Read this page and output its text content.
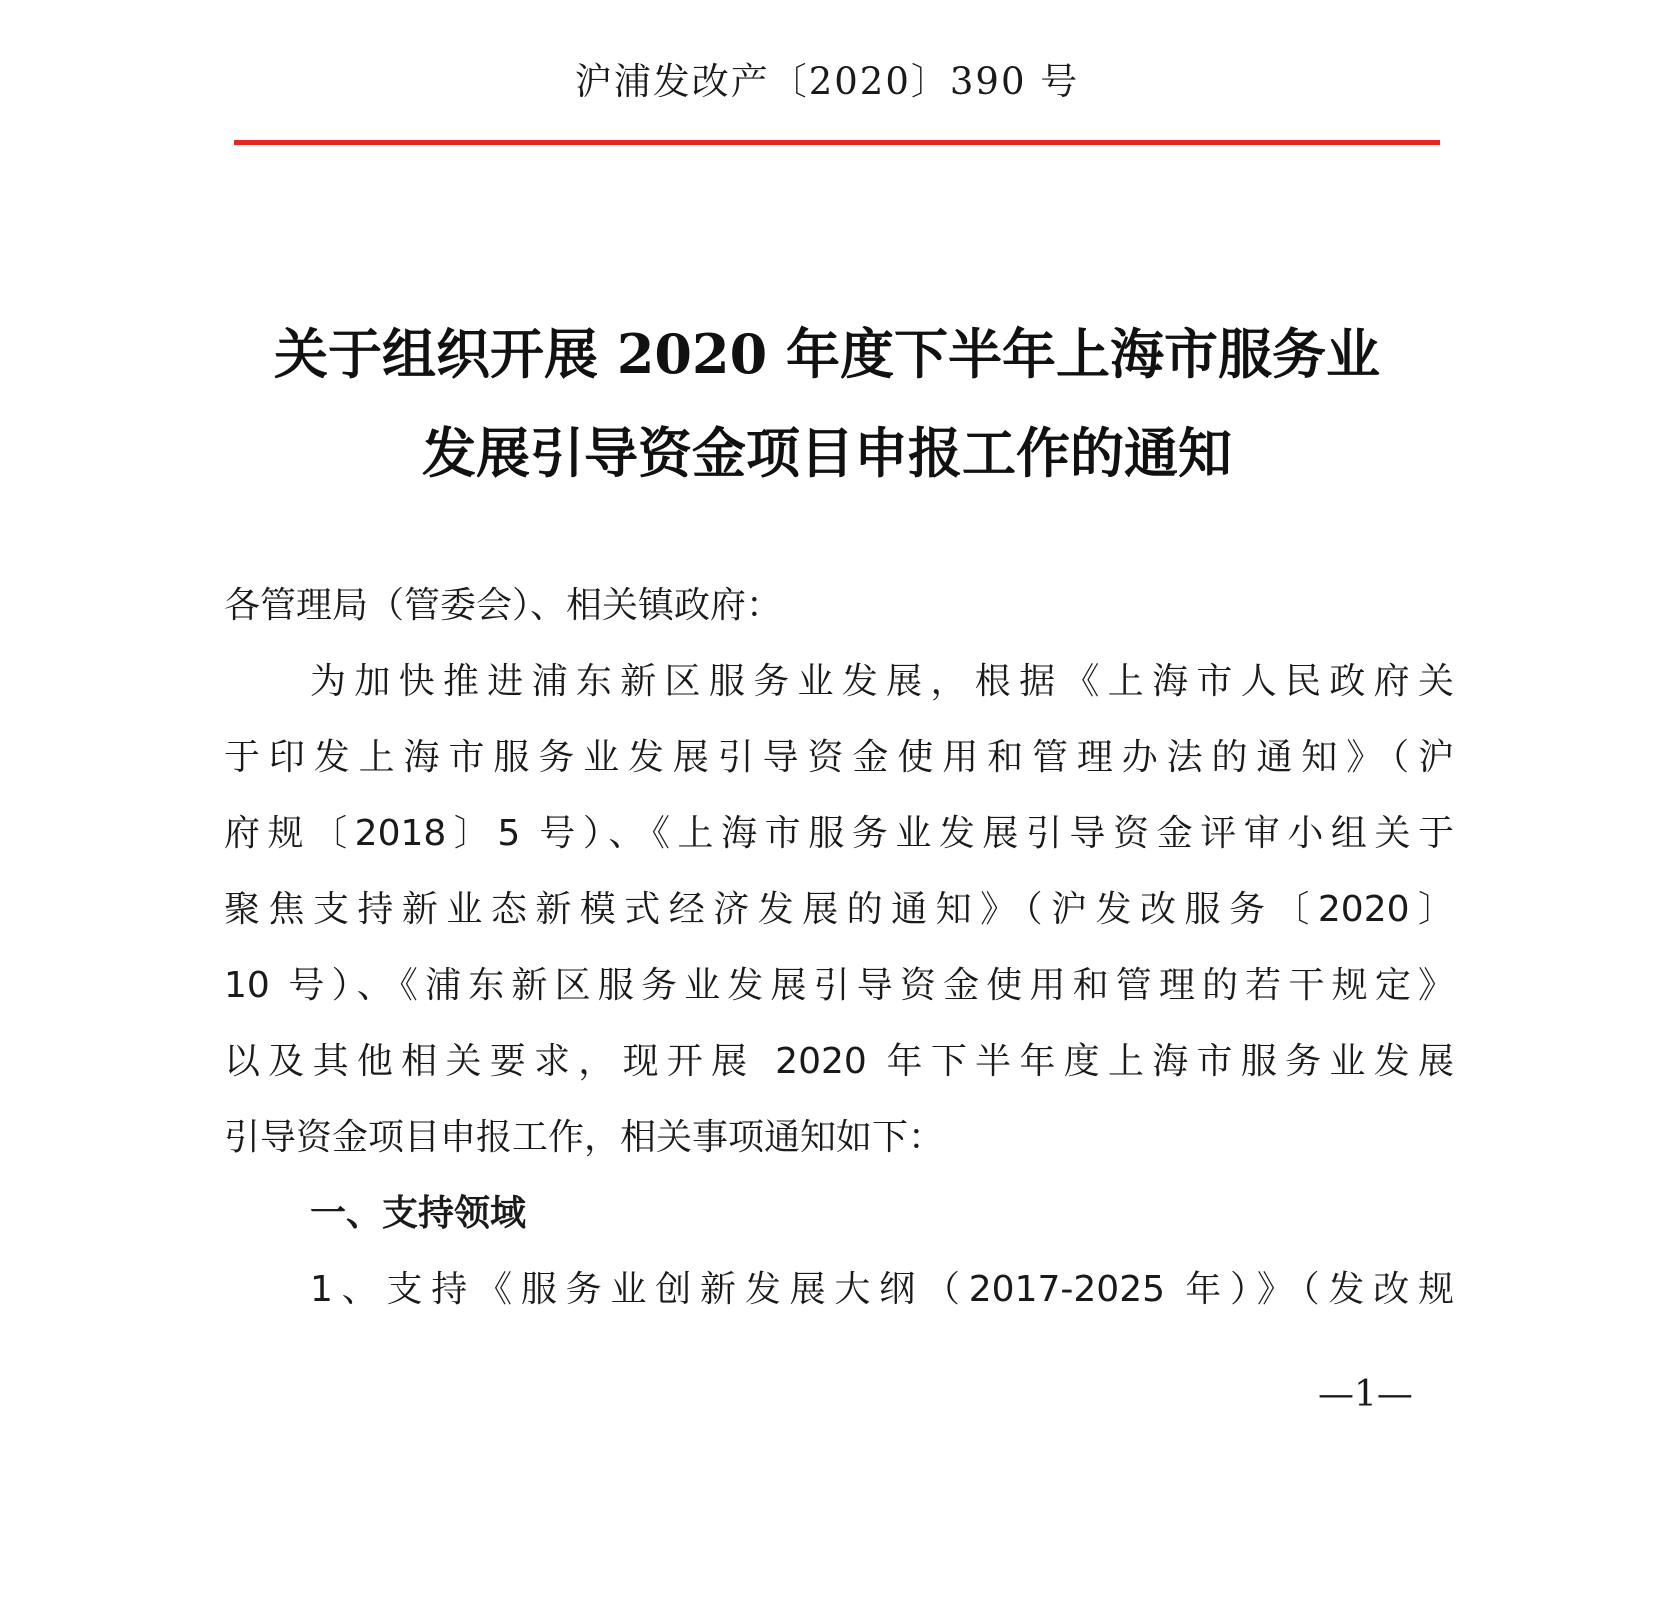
沪浦发改产〔2020〕390 号
关于组织开展 2020 年度下半年上海市服务业
发展引导资金项目申报工作的通知
各管理局（管委会）、相关镇政府：
为加快推进浦东新区服务业发展，根据《上海市人民政府关
于印发上海市服务业发展引导资金使用和管理办法的通知》（沪
府规〔2018〕5 号）、《上海市服务业发展引导资金评审小组关于
聚焦支持新业态新模式经济发展的通知》（沪发改服务〔2020〕
10 号）、《浦东新区服务业发展引导资金使用和管理的若干规定》
以及其他相关要求，现开展 2020 年下半年度上海市服务业发展
引导资金项目申报工作，相关事项通知如下：
一、支持领域
1、支持《服务业创新发展大纲（2017-2025 年）》（发改规
—1—
